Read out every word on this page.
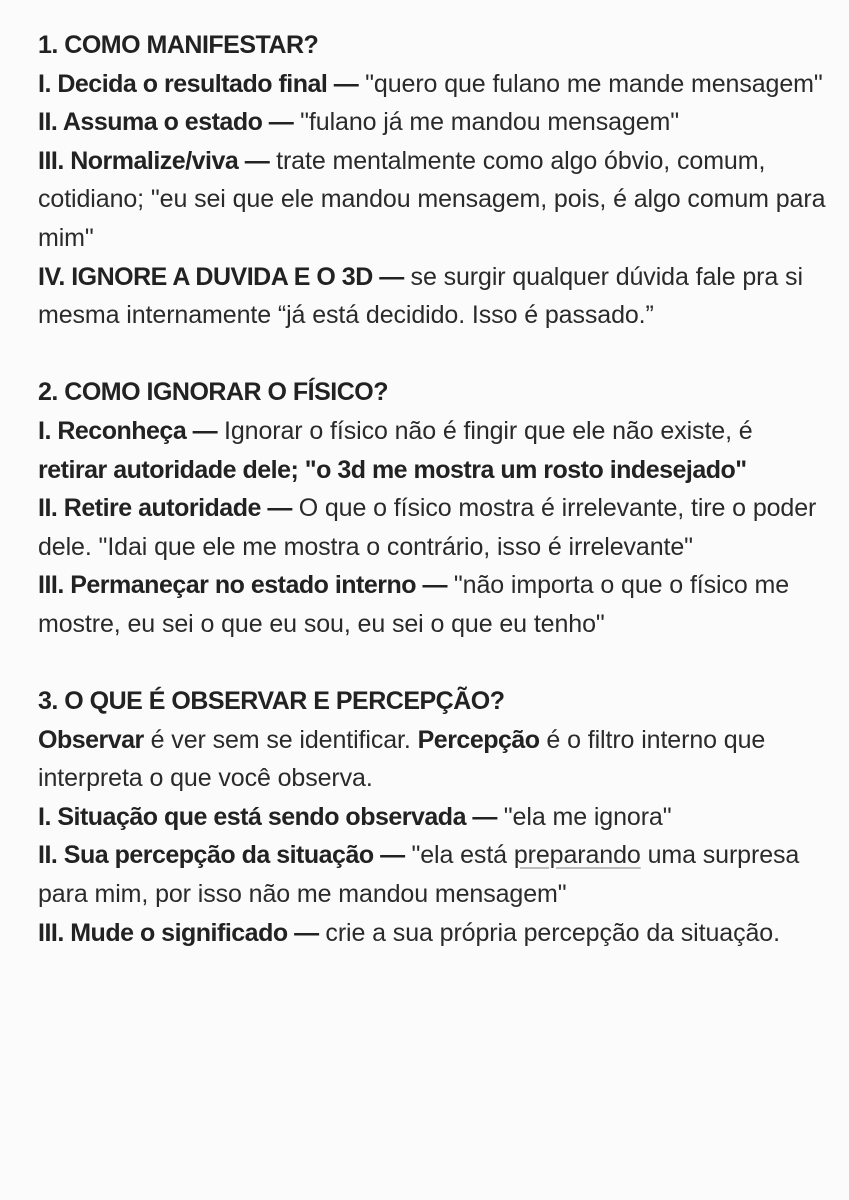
1. COMO MANIFESTAR?

I. Decida o resultado final — "quero que fulano me mande mensagem"

II. Assuma o estado — "fulano já me mandou mensagem"

III. Normalize/viva — trate mentalmente como algo óbvio, comum, cotidiano; "eu sei que ele mandou mensagem, pois, é algo comum para mim"

IV. IGNORE A DUVIDA E O 3D — se surgir qualquer dúvida fale pra si mesma internamente “já está decidido. Isso é passado.”

2. COMO IGNORAR O FÍSICO?

I. Reconheça — Ignorar o físico não é fingir que ele não existe, é retirar autoridade dele; "o 3d me mostra um rosto indesejado"

II. Retire autoridade — O que o físico mostra é irrelevante, tire o poder dele. "Idai que ele me mostra o contrário, isso é irrelevante"

III. Permaneçar no estado interno — "não importa o que o físico me mostre, eu sei o que eu sou, eu sei o que eu tenho"

3. O QUE É OBSERVAR E PERCEPÇÃO?

Observar é ver sem se identificar. Percepção é o filtro interno que interpreta o que você observa.

I. Situação que está sendo observada — "ela me ignora"

II. Sua percepção da situação — "ela está preparando uma surpresa para mim, por isso não me mandou mensagem"

III. Mude o significado — crie a sua própria percepção da situação.
